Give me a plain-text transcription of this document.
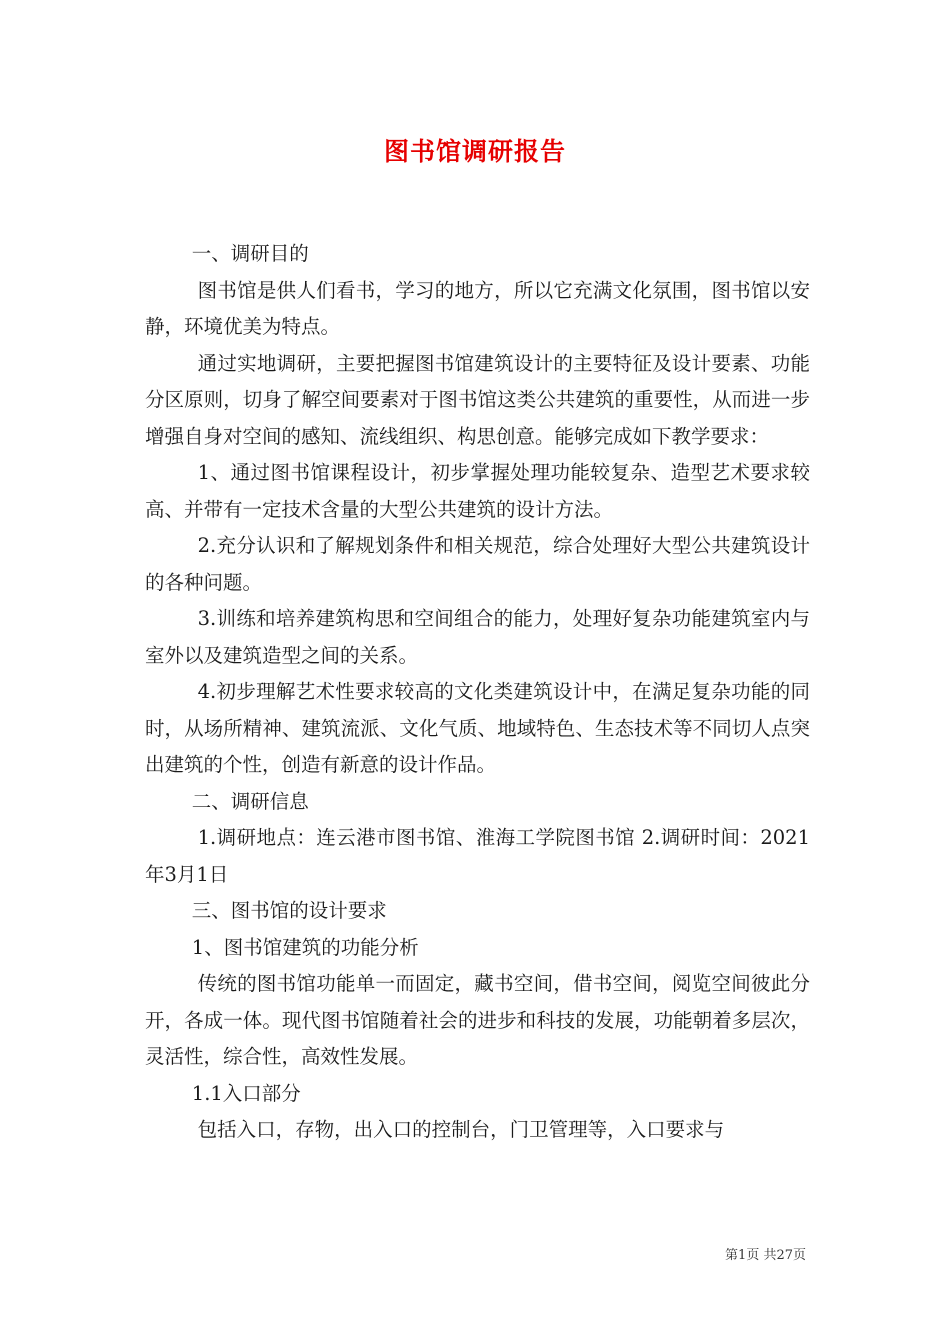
图书馆调研报告

一、调研目的

图书馆是供人们看书，学习的地方，所以它充满文化氛围，图书馆以安静，环境优美为特点。

通过实地调研，主要把握图书馆建筑设计的主要特征及设计要素、功能分区原则，切身了解空间要素对于图书馆这类公共建筑的重要性，从而进一步增强自身对空间的感知、流线组织、构思创意。能够完成如下教学要求：

1、通过图书馆课程设计，初步掌握处理功能较复杂、造型艺术要求较高、并带有一定技术含量的大型公共建筑的设计方法。

2.充分认识和了解规划条件和相关规范，综合处理好大型公共建筑设计的各种问题。

3.训练和培养建筑构思和空间组合的能力，处理好复杂功能建筑室内与室外以及建筑造型之间的关系。

4.初步理解艺术性要求较高的文化类建筑设计中，在满足复杂功能的同时，从场所精神、建筑流派、文化气质、地域特色、生态技术等不同切人点突出建筑的个性，创造有新意的设计作品。

二、调研信息

1.调研地点：连云港市图书馆、淮海工学院图书馆 2.调研时间：2021年3月1日

三、图书馆的设计要求

1、图书馆建筑的功能分析

传统的图书馆功能单一而固定，藏书空间，借书空间，阅览空间彼此分开，各成一体。现代图书馆随着社会的进步和科技的发展，功能朝着多层次，灵活性，综合性，高效性发展。

1.1入口部分

包括入口，存物，出入口的控制台，门卫管理等，入口要求与

第1页 共27页
